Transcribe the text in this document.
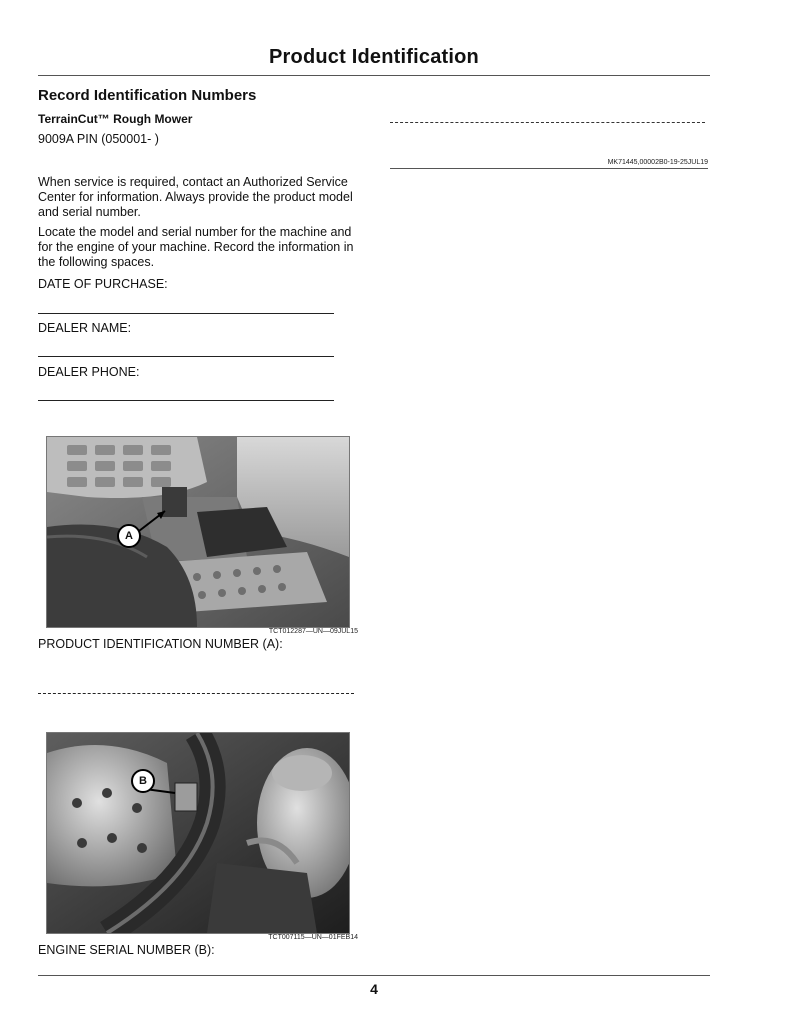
Product Identification
Record Identification Numbers
TerrainCut™ Rough Mower
9009A PIN (050001- )
When service is required, contact an Authorized Service Center for information. Always provide the product model and serial number.
Locate the model and serial number for the machine and for the engine of your machine. Record the information in the following spaces.
DATE OF PURCHASE:
DEALER NAME:
DEALER PHONE:
A
TCT012287—UN—09JUL15
PRODUCT IDENTIFICATION NUMBER (A):
B
TCT007115—UN—01FEB14
ENGINE SERIAL NUMBER (B):
MK71445,00002B0-19-25JUL19
4
